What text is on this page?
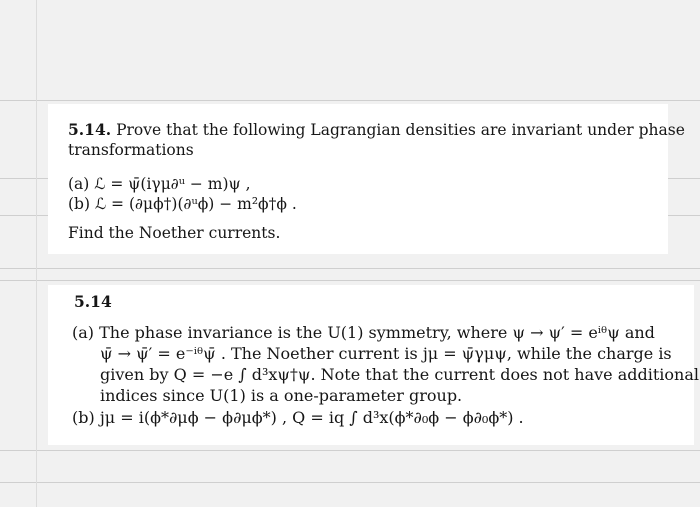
5.14. Prove that the following Lagrangian densities are invariant under phase
transformations
(a) ℒ = ψ̄(iγμ∂ᵘ − m)ψ ,
(b) ℒ = (∂μϕ†)(∂ᵘϕ) − m²ϕ†ϕ .
Find the Noether currents.
5.14
(a) The phase invariance is the U(1) symmetry, where ψ → ψ′ = eⁱᶿψ and
ψ̄ → ψ̄′ = e⁻ⁱᶿψ̄ . The Noether current is jμ = ψ̄γμψ, while the charge is
given by Q = −e ∫ d³xψ†ψ. Note that the current does not have additional
indices since U(1) is a one-parameter group.
(b) jμ = i(ϕ*∂μϕ − ϕ∂μϕ*) , Q = iq ∫ d³x(ϕ*∂₀ϕ − ϕ∂₀ϕ*) .
